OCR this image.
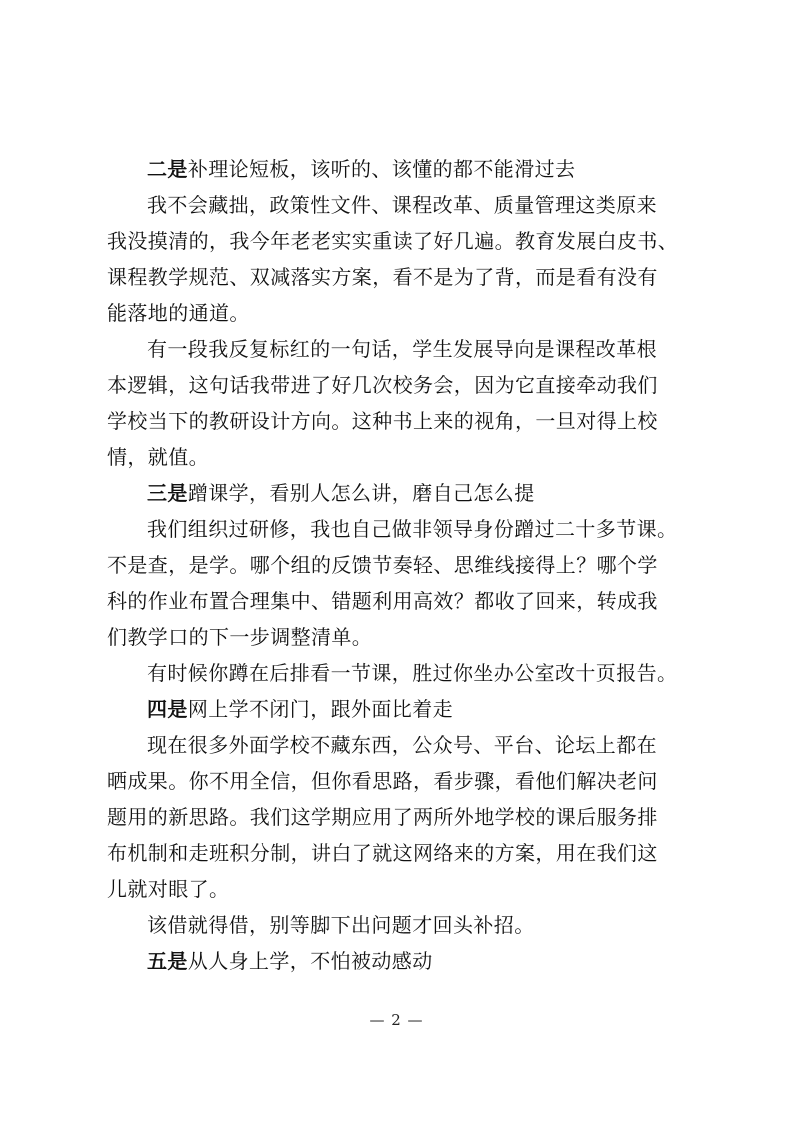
二是补理论短板，该听的、该懂的都不能滑过去
我不会藏拙，政策性文件、课程改革、质量管理这类原来
我没摸清的，我今年老老实实重读了好几遍。教育发展白皮书、
课程教学规范、双减落实方案，看不是为了背，而是看有没有
能落地的通道。
有一段我反复标红的一句话，学生发展导向是课程改革根
本逻辑，这句话我带进了好几次校务会，因为它直接牵动我们
学校当下的教研设计方向。这种书上来的视角，一旦对得上校
情，就值。
三是蹭课学，看别人怎么讲，磨自己怎么提
我们组织过研修，我也自己做非领导身份蹭过二十多节课。
不是查，是学。哪个组的反馈节奏轻、思维线接得上？哪个学
科的作业布置合理集中、错题利用高效？都收了回来，转成我
们教学口的下一步调整清单。
有时候你蹲在后排看一节课，胜过你坐办公室改十页报告。
四是网上学不闭门，跟外面比着走
现在很多外面学校不藏东西，公众号、平台、论坛上都在
晒成果。你不用全信，但你看思路，看步骤，看他们解决老问
题用的新思路。我们这学期应用了两所外地学校的课后服务排
布机制和走班积分制，讲白了就这网络来的方案，用在我们这
儿就对眼了。
该借就得借，别等脚下出问题才回头补招。
五是从人身上学，不怕被动感动
— 2 —
